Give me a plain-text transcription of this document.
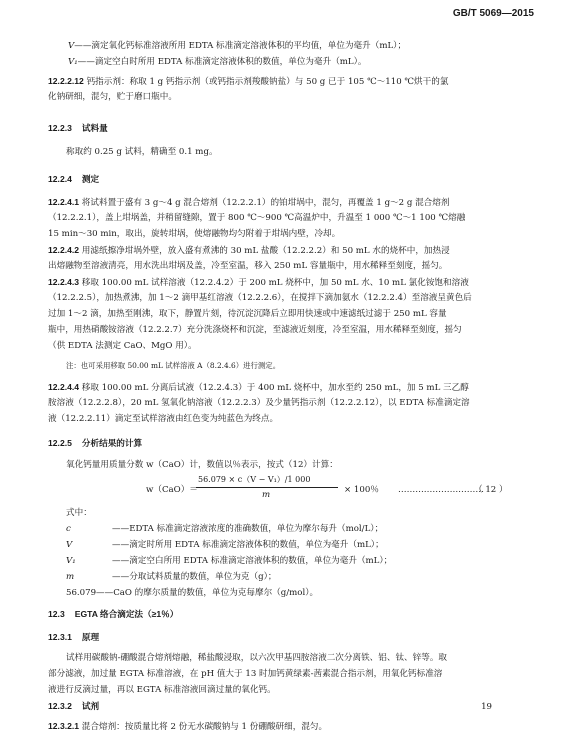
GB/T 5069—2015
V——滴定氧化钙标准溶液所用 EDTA 标准滴定溶液体积的平均值，单位为毫升（mL）；
V₁——滴定空白时所用 EDTA 标准滴定溶液体积的数值，单位为毫升（mL）。
12.2.2.12 钙指示剂：称取 1 g 钙指示剂（或钙指示剂羧酸钠盐）与 50 g 已于 105 ℃～110 ℃烘干的氯
化钠研细，混匀，贮于磨口瓶中。
12.2.3 试料量
称取约 0.25 g 试料，精确至 0.1 mg。
12.2.4 测定
12.2.4.1 将试料置于盛有 3 g～4 g 混合熔剂（12.2.2.1）的铂坩埚中，混匀，再覆盖 1 g～2 g 混合熔剂
（12.2.2.1），盖上坩埚盖，并稍留缝隙，置于 800 ℃～900 ℃高温炉中，升温至 1 000 ℃～1 100 ℃熔融
15 min～30 min，取出，旋转坩埚，使熔融物均匀附着于坩埚内壁，冷却。
12.2.4.2 用滤纸擦净坩埚外壁，放入盛有煮沸的 30 mL 盐酸（12.2.2.2）和 50 mL 水的烧杯中，加热浸
出熔融物至溶液清亮，用水洗出坩埚及盖，冷至室温，移入 250 mL 容量瓶中，用水稀释至刻度，摇匀。
12.2.4.3 移取 100.00 mL 试样溶液（12.2.4.2）于 200 mL 烧杯中，加 50 mL 水、10 mL 氯化铵饱和溶液
（12.2.2.5），加热煮沸，加 1～2 滴甲基红溶液（12.2.2.6），在搅拌下滴加氨水（12.2.2.4）至溶液呈黄色后
过加 1～2 滴，加热至刚沸，取下，静置片刻，待沉淀沉降后立即用快速或中速滤纸过滤于 250 mL 容量
瓶中，用热硝酸铵溶液（12.2.2.7）充分洗涤烧杯和沉淀，至滤液近刻度，冷至室温，用水稀释至刻度，摇匀
（供 EDTA 法测定 CaO、MgO 用）。
注：也可采用移取 50.00 mL 试样溶液 A（8.2.4.6）进行测定。
12.2.4.4 移取 100.00 mL 分离后试液（12.2.4.3）于 400 mL 烧杯中，加水至约 250 mL，加 5 mL 三乙醇
胺溶液（12.2.2.8），20 mL 氢氧化钠溶液（12.2.2.3）及少量钙指示剂（12.2.2.12），以 EDTA 标准滴定溶
液（12.2.2.11）滴定至试样溶液由红色变为纯蓝色为终点。
12.2.5 分析结果的计算
氧化钙量用质量分数 w（CaO）计，数值以％表示，按式（12）计算：
w（CaO）＝
56.079 × c（V − V₁）/1 000
m	× 100％ …………………………
（ 12 ）
式中：
c	——EDTA 标准滴定溶液浓度的准确数值，单位为摩尔每升（mol/L）；
V	——滴定时所用 EDTA 标准滴定溶液体积的数值，单位为毫升（mL）；
V₁	——滴定空白所用 EDTA 标准滴定溶液体积的数值，单位为毫升（mL）；
m	——分取试料质量的数值，单位为克（g）；
56.079——CaO 的摩尔质量的数值，单位为克每摩尔（g/mol）。
12.3 EGTA 络合滴定法（≥1％）
12.3.1 原理
试样用碳酸钠-硼酸混合熔剂熔融，稀盐酸浸取，以六次甲基四胺溶液二次分离铁、铝、钛、锌等。取
部分滤液，加过量 EGTA 标准溶液，在 pH 值大于 13 时加钙黄绿素-茜素混合指示剂，用氧化钙标准溶
液进行反滴过量，再以 EGTA 标准溶液回滴过量的氧化钙。
12.3.2 试剂
12.3.2.1 混合熔剂：按质量比将 2 份无水碳酸钠与 1 份硼酸研细，混匀。
19
